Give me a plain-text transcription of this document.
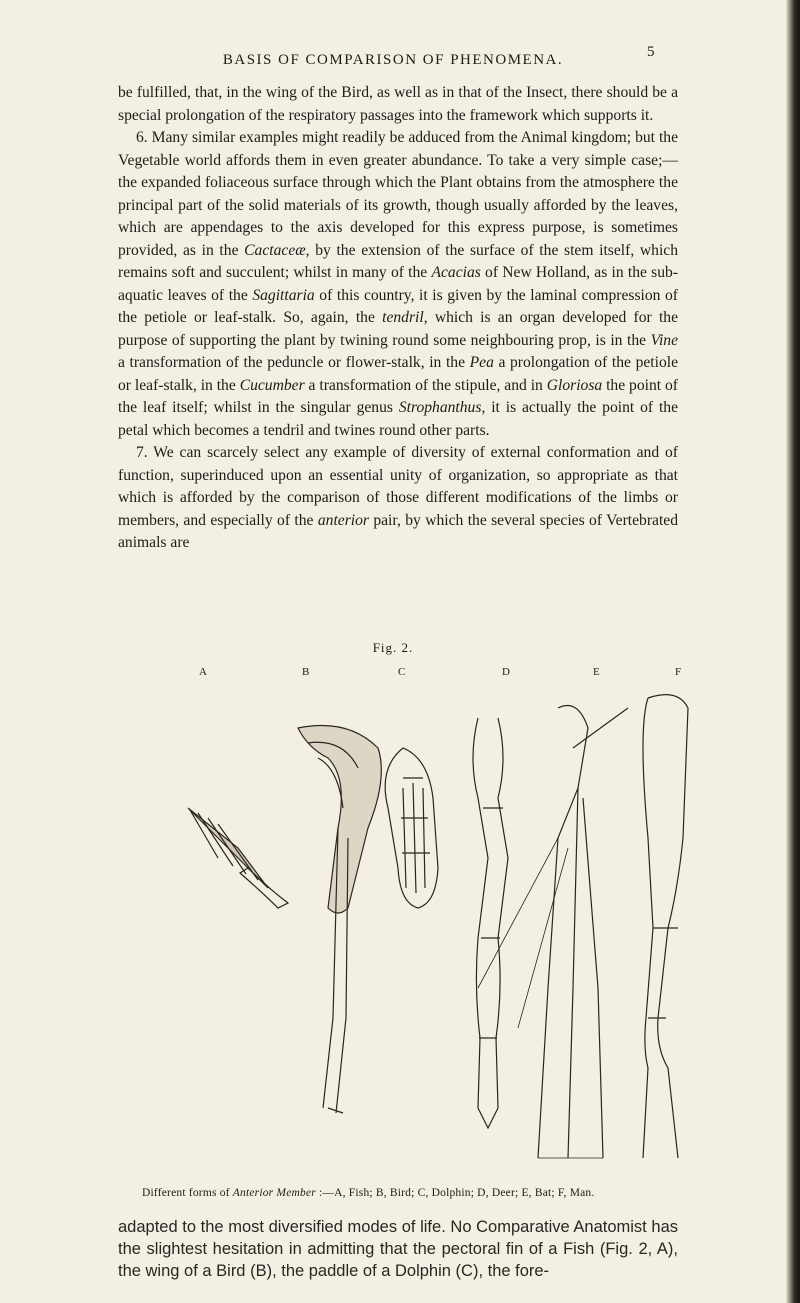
BASIS OF COMPARISON OF PHENOMENA.	5

be fulfilled, that, in the wing of the Bird, as well as in that of the Insect, there should be a special prolongation of the respiratory passages into the framework which supports it.

6. Many similar examples might readily be adduced from the Animal kingdom; but the Vegetable world affords them in even greater abundance. To take a very simple case;—the expanded foliaceous surface through which the Plant obtains from the atmosphere the principal part of the solid materials of its growth, though usually afforded by the leaves, which are appendages to the axis developed for this express purpose, is sometimes provided, as in the Cactaceæ, by the extension of the surface of the stem itself, which remains soft and succulent; whilst in many of the Acacias of New Holland, as in the sub-aquatic leaves of the Sagittaria of this country, it is given by the laminal compression of the petiole or leaf-stalk. So, again, the tendril, which is an organ developed for the purpose of supporting the plant by twining round some neighbouring prop, is in the Vine a transformation of the peduncle or flower-stalk, in the Pea a prolongation of the petiole or leaf-stalk, in the Cucumber a transformation of the stipule, and in Gloriosa the point of the leaf itself; whilst in the singular genus Strophanthus, it is actually the point of the petal which becomes a tendril and twines round other parts.

7. We can scarcely select any example of diversity of external conformation and of function, superinduced upon an essential unity of organization, so appropriate as that which is afforded by the comparison of those different modifications of the limbs or members, and especially of the anterior pair, by which the several species of Vertebrated animals are

Fig. 2.
A	B	C	D	E	F
Different forms of Anterior Member :—A, Fish; B, Bird; C, Dolphin; D, Deer; E, Bat; F, Man.

adapted to the most diversified modes of life. No Comparative Anatomist has the slightest hesitation in admitting that the pectoral fin of a Fish (Fig. 2, A), the wing of a Bird (B), the paddle of a Dolphin (C), the fore-
